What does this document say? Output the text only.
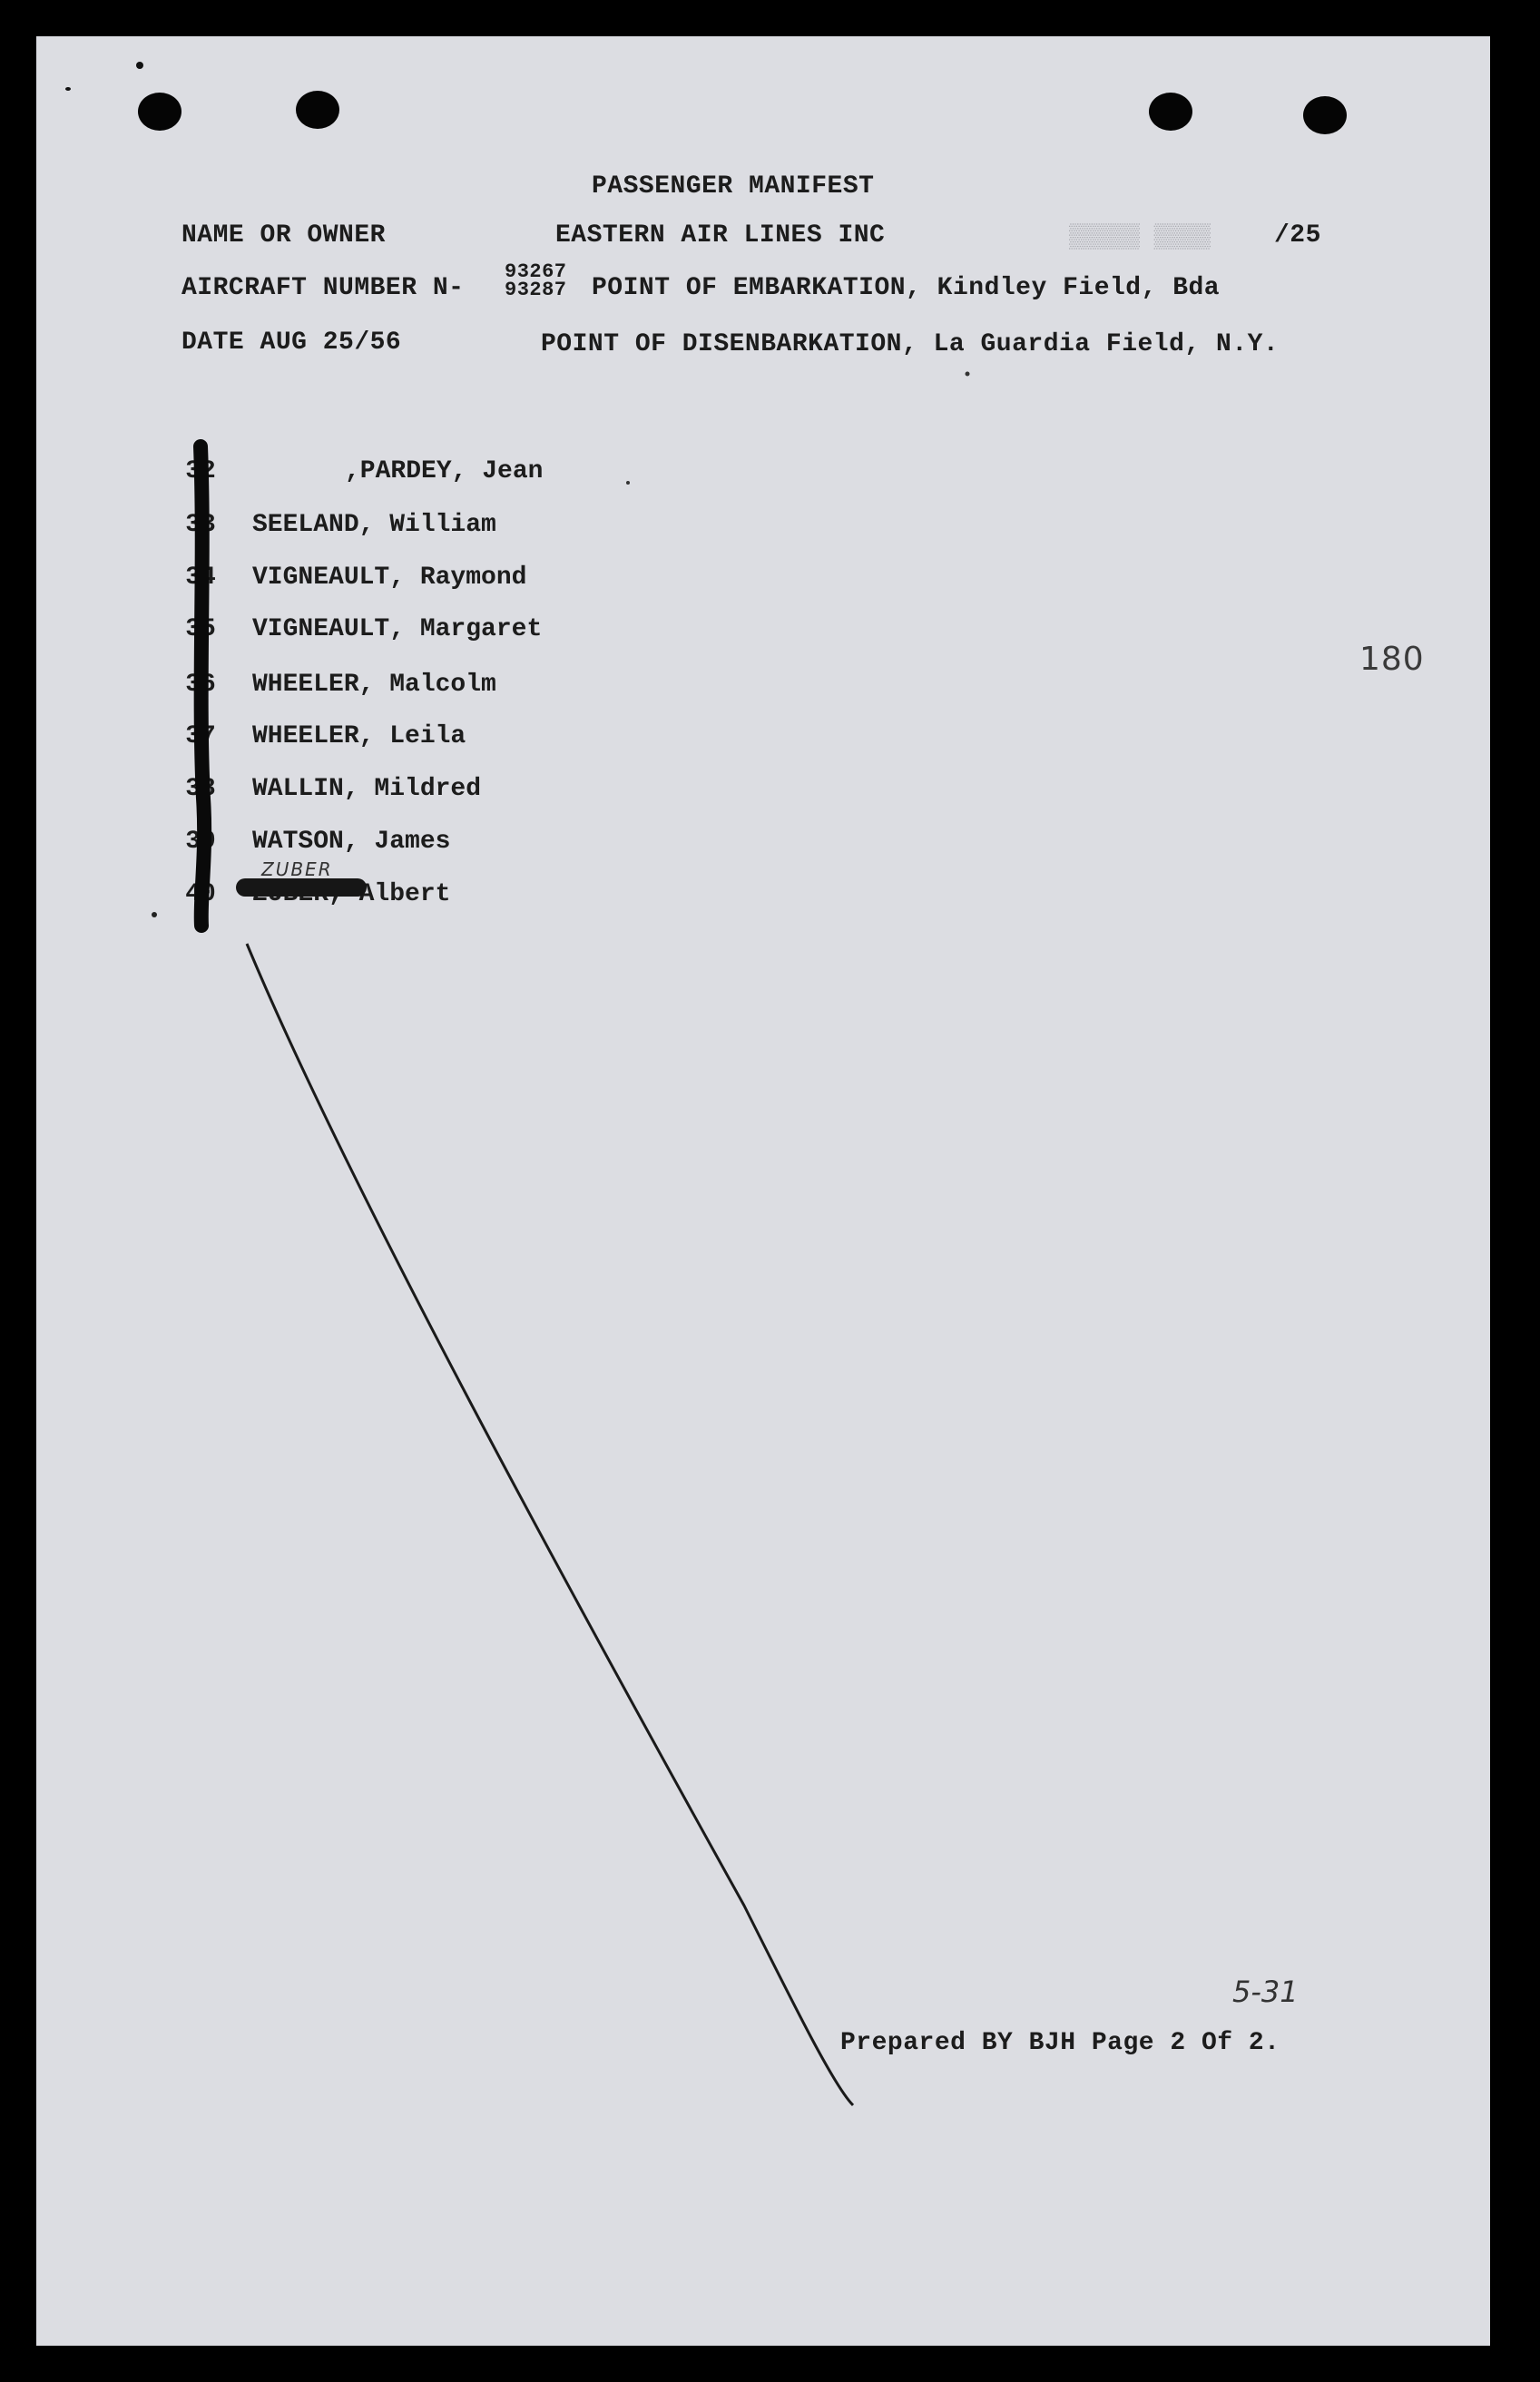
PASSENGER MANIFEST
NAME OR OWNER	EASTERN AIR LINES INC	▒▒▒▒▒ ▒▒▒▒ /25
AIRCRAFT NUMBER N-
93267
93287 POINT OF EMBARKATION, Kindley Field, Bda
DATE AUG 25/56	POINT OF DISENBARKATION, La Guardia Field, N.Y.
180
32	,PARDEY, Jean
33 SEELAND, William
34 VIGNEAULT, Raymond
35 VIGNEAULT, Margaret
36 WHEELER, Malcolm
37 WHEELER, Leila
38 WALLIN, Mildred
39 WATSON, James
40 ZUBER, Albert
ZUBER
5-31
Prepared BY BJH Page 2 Of 2.
